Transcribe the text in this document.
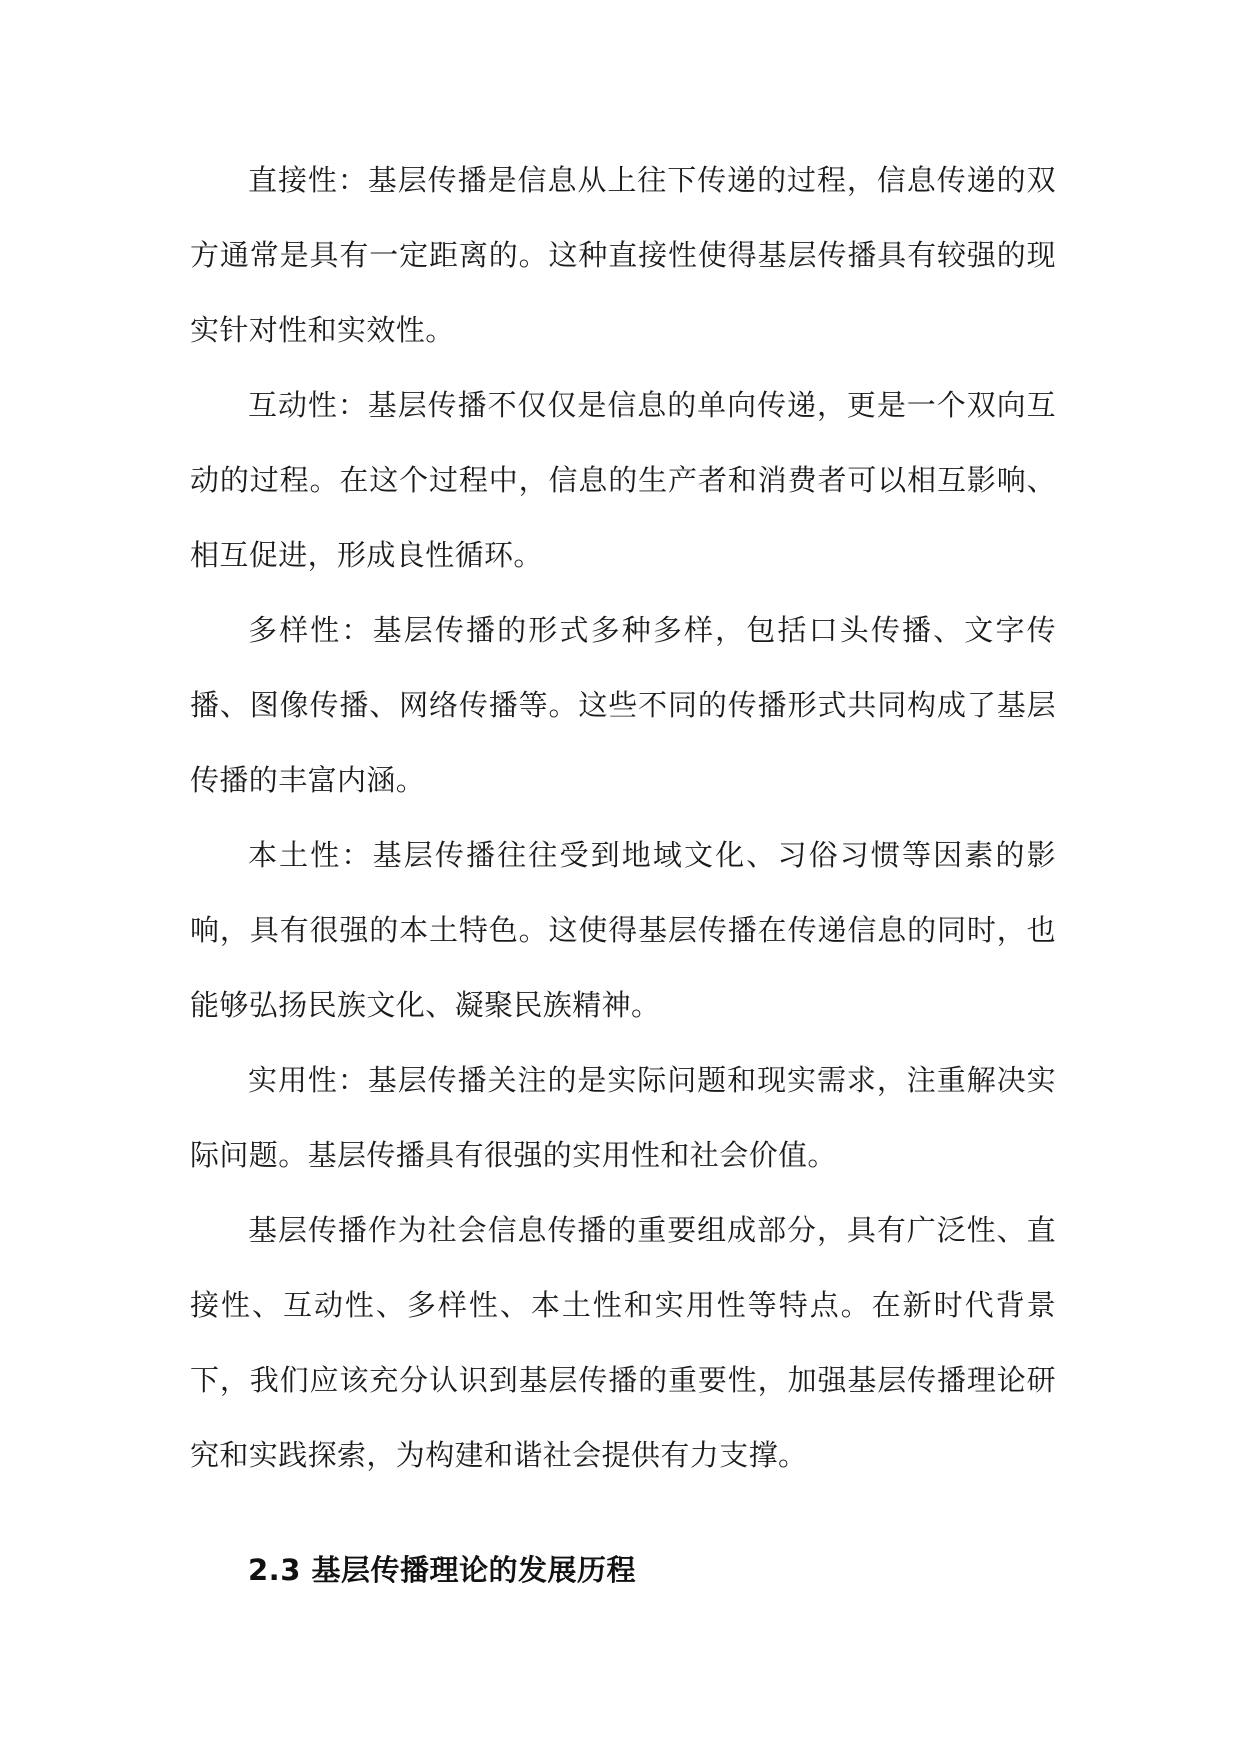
直接性：基层传播是信息从上往下传递的过程，信息传递的双方通常是具有一定距离的。这种直接性使得基层传播具有较强的现实针对性和实效性。

互动性：基层传播不仅仅是信息的单向传递，更是一个双向互动的过程。在这个过程中，信息的生产者和消费者可以相互影响、相互促进，形成良性循环。

多样性：基层传播的形式多种多样，包括口头传播、文字传播、图像传播、网络传播等。这些不同的传播形式共同构成了基层传播的丰富内涵。

本土性：基层传播往往受到地域文化、习俗习惯等因素的影响，具有很强的本土特色。这使得基层传播在传递信息的同时，也能够弘扬民族文化、凝聚民族精神。

实用性：基层传播关注的是实际问题和现实需求，注重解决实际问题。基层传播具有很强的实用性和社会价值。

基层传播作为社会信息传播的重要组成部分，具有广泛性、直接性、互动性、多样性、本土性和实用性等特点。在新时代背景下，我们应该充分认识到基层传播的重要性，加强基层传播理论研究和实践探索，为构建和谐社会提供有力支撑。

2.3 基层传播理论的发展历程
